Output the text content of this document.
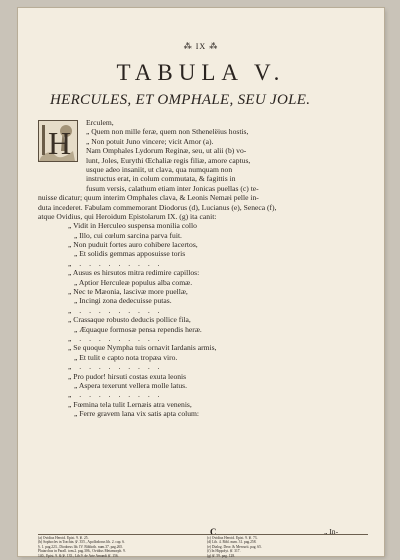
⁂ IX ⁂
TABULA V.
HERCULES, ET OMPHALE, SEU JOLE.
Erculem,
„ Quem non mille feræ, quem non Sthenelëius hostis,
„ Non potuit Juno vincere; vicit Amor (a).
Nam Omphales Lydorum Reginæ, seu, ut alii (b) vo-
lunt, Joles, Eurythi Œchaliæ regis filiæ, amore captus,
usque adeo insaniit, ut clava, qua numquam non
instructus erat, in colum commutata, & fagittis in
fusum versis, calathum etiam inter Jonicas puellas (c) te-
nuisse dicatur; quum interim Omphales clava, & Leonis Nemæi pelle in-
duta incederet. Fabulam commemorant Diodorus (d), Lucianus (e), Seneca (f),
atque Ovidius, qui Heroidum Epistolarum IX. (g) ita canit:
„ Vidit in Herculeo suspensa monilia collo
„ Illo, cui cœlum sarcina parva fuit.
„ Non puduit fortes auro cohibere lacertos,
„ Et solidis gemmas apposuisse toris
„ . . . . . . . . .
„ Ausus es hirsutos mitra redimire capillos:
„ Aptior Herculeæ populus alba comæ.
„ Nec te Mæonia, lascivæ more puellæ,
„ Incingi zona dedecuisse putas.
„ . . . . . . . . .
„ Crassaque robusto deducis pollice fila,
„ Æquaque formosæ pensa rependis heræ.
„ . . . . . . . . .
„ Se quoque Nympha tuis ornavit Iardanis armis,
„ Et tulit e capto nota tropæa viro.
„ . . . . . . . . .
„ Pro pudor! hirsuti costas exuta leonis
„ Aspera texerunt vellera molle latus.
„ . . . . . . . . .
„ Fœmina tela tulit Lernæis atra venenis,
„ Ferre gravem lana vix satis apta colum:
H
C	„ In-
(a) Ovidius Heroid. Epist. 9. ℣. 25.
(b) Sophocles in Trachin. ℣. 355., Apollodorus lib. 2. cap. 6.
§. 1. pag.223., Diodorus lib. IV. Biblioth. num.37. pag.265.
Plutarchus in Parall. tom.2. pag.306., Ovidius Metamorph. 9.
140., Epist. 9. & ℣. 135., Lib.9. de Arte Amandi ℣. 156.
(c) Ovidius Heroid. Epist. 9. ℣. 73.
(d) Lib. 4. Bibl. num. 31. pag.258.
(e) Dialog. Deor. & Mercurii. pag. 65.
(f) In Hippolyt. ℣. 317.
(g) ℣. 59. pag. 128.
